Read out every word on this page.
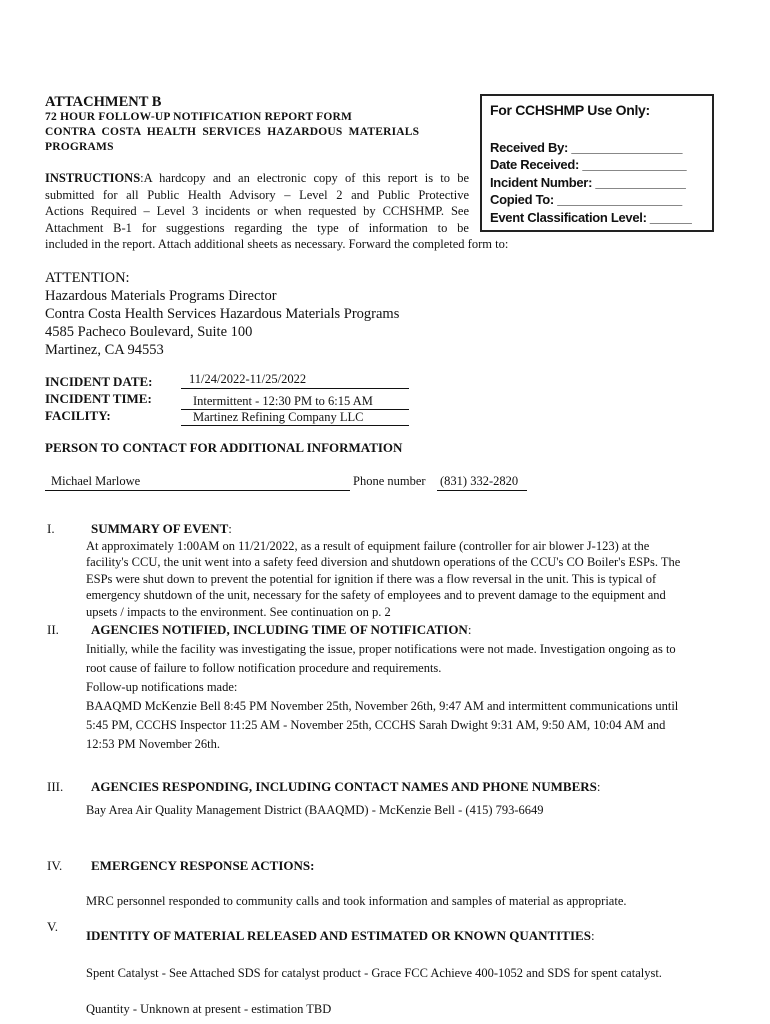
ATTACHMENT B
72 HOUR FOLLOW-UP NOTIFICATION REPORT FORM
CONTRA  COSTA  HEALTH  SERVICES  HAZARDOUS  MATERIALS
PROGRAMS
For CCHSHMP Use Only:
Received By: ________________
Date Received: _______________
Incident Number: _____________
Copied To: __________________
Event Classification Level: ______
INSTRUCTIONS:A hardcopy and an electronic copy of this report is to be
submitted for all Public Health Advisory – Level 2 and Public Protective
Actions Required – Level 3 incidents or when requested by CCHSHMP. See
Attachment B-1 for suggestions regarding the type of information to be
included in the report. Attach additional sheets as necessary. Forward the completed form to:
ATTENTION:
Hazardous Materials Programs Director
Contra Costa Health Services Hazardous Materials Programs
4585 Pacheco Boulevard, Suite 100
Martinez, CA 94553
INCIDENT DATE:	11/24/2022-11/25/2022
INCIDENT TIME:	Intermittent - 12:30 PM to 6:15 AM
FACILITY:	Martinez Refining Company LLC
PERSON TO CONTACT FOR ADDITIONAL INFORMATION
Michael Marlowe	Phone number (831) 332-2820
I.	SUMMARY OF EVENT:
At approximately 1:00AM on 11/21/2022, as a result of equipment failure (controller for air blower J-123) at the
facility's CCU, the unit went into a safety feed diversion and shutdown operations of the CCU's CO Boiler's ESPs. The
ESPs were shut down to prevent the potential for ignition if there was a flow reversal in the unit. This is typical of
emergency shutdown of the unit, necessary for the safety of employees and to prevent damage to the equipment and
upsets / impacts to the environment. See continuation on p. 2
II. AGENCIES NOTIFIED, INCLUDING TIME OF NOTIFICATION:
Initially, while the facility was investigating the issue, proper notifications were not made. Investigation ongoing as to
root cause of failure to follow notification procedure and requirements.
Follow-up notifications made:
BAAQMD McKenzie Bell 8:45 PM November 25th, November 26th, 9:47 AM and intermittent communications until
5:45 PM, CCCHS Inspector 11:25 AM - November 25th, CCCHS Sarah Dwight 9:31 AM, 9:50 AM, 10:04 AM and
12:53 PM November 26th.
III. AGENCIES RESPONDING, INCLUDING CONTACT NAMES AND PHONE NUMBERS:
Bay Area Air Quality Management District (BAAQMD) - McKenzie Bell - (415) 793-6649
IV. EMERGENCY RESPONSE ACTIONS:
MRC personnel responded to community calls and took information and samples of material as appropriate.
V.
IDENTITY OF MATERIAL RELEASED AND ESTIMATED OR KNOWN QUANTITIES:
Spent Catalyst - See Attached SDS for catalyst product - Grace FCC Achieve 400-1052 and SDS for spent catalyst.
Quantity - Unknown at present - estimation TBD
